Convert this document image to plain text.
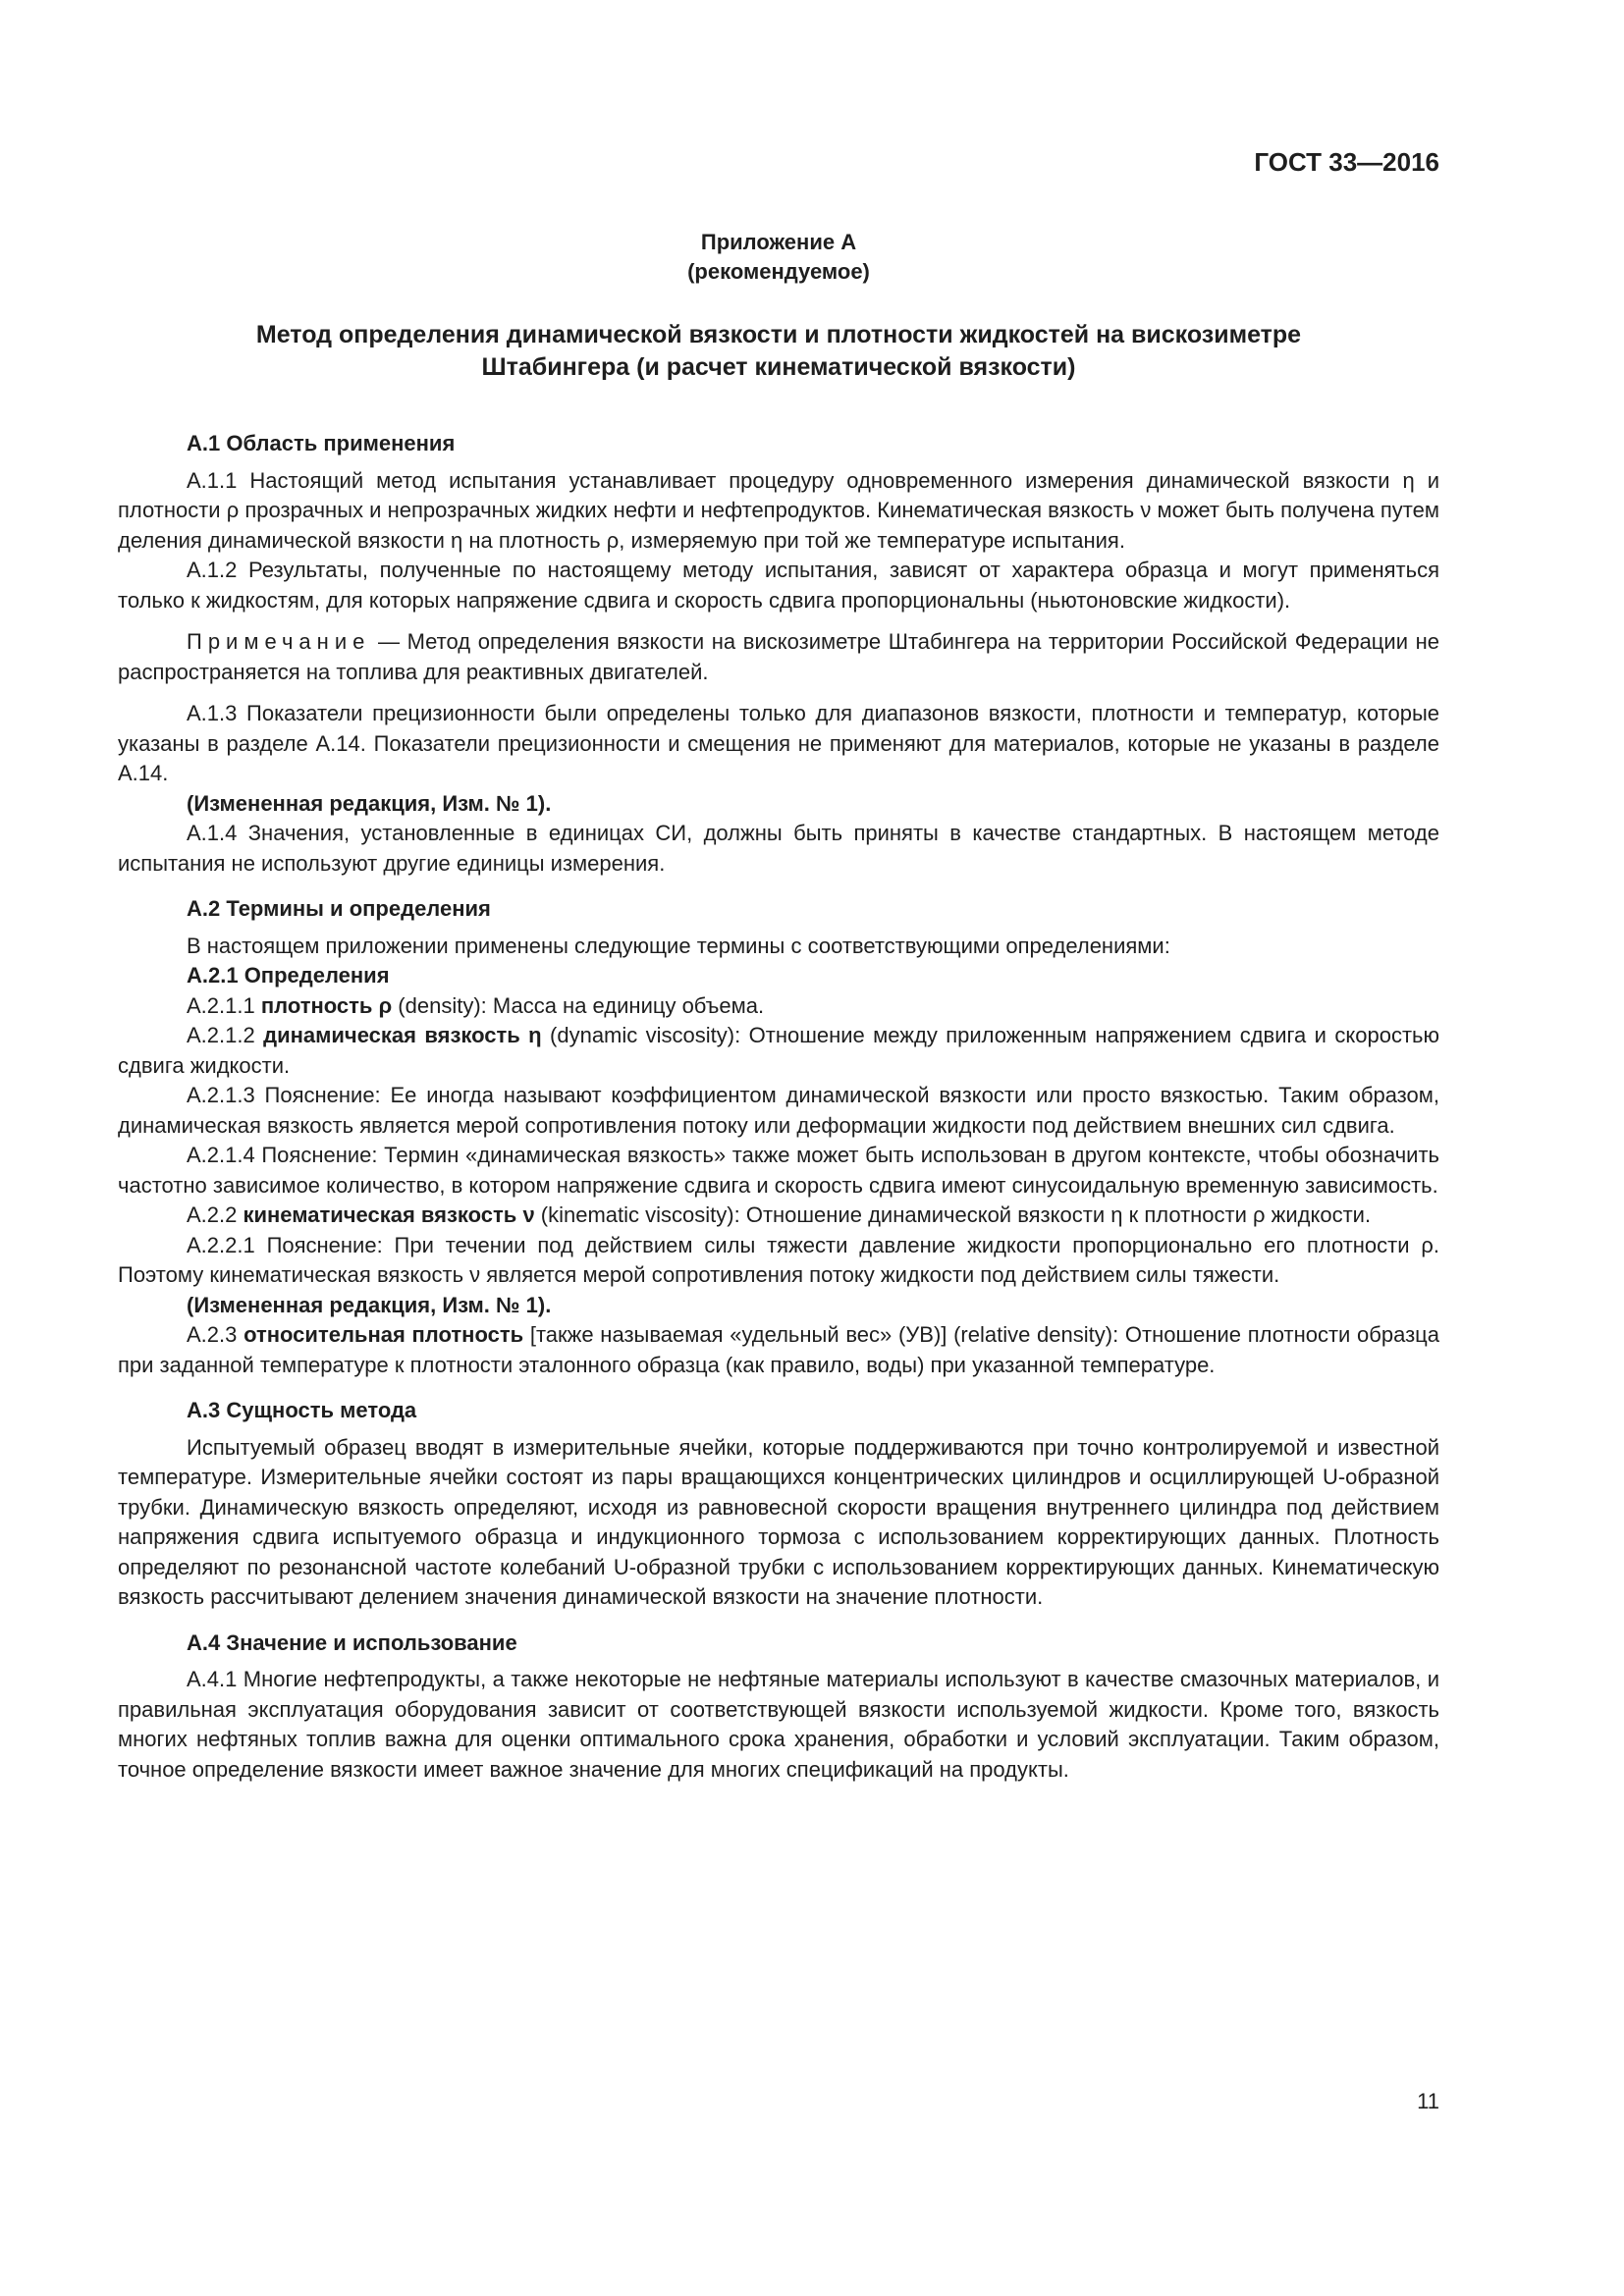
ГОСТ 33—2016
Приложение А
(рекомендуемое)
Метод определения динамической вязкости и плотности жидкостей на вискозиметре
Штабингера (и расчет кинематической вязкости)
А.1 Область применения

А.1.1 Настоящий метод испытания устанавливает процедуру одновременного измерения динамической вязкости η и плотности ρ прозрачных и непрозрачных жидких нефти и нефтепродуктов. Кинематическая вязкость ν может быть получена путем деления динамической вязкости η на плотность ρ, измеряемую при той же температуре испытания.

А.1.2 Результаты, полученные по настоящему методу испытания, зависят от характера образца и могут применяться только к жидкостям, для которых напряжение сдвига и скорость сдвига пропорциональны (ньютоновские жидкости).

Примечание — Метод определения вязкости на вискозиметре Штабингера на территории Российской Федерации не распространяется на топлива для реактивных двигателей.

А.1.3 Показатели прецизионности были определены только для диапазонов вязкости, плотности и температур, которые указаны в разделе А.14. Показатели прецизионности и смещения не применяют для материалов, которые не указаны в разделе А.14.

(Измененная редакция, Изм. № 1).

А.1.4 Значения, установленные в единицах СИ, должны быть приняты в качестве стандартных. В настоящем методе испытания не используют другие единицы измерения.

А.2 Термины и определения

В настоящем приложении применены следующие термины с соответствующими определениями:

А.2.1 Определения

А.2.1.1 плотность ρ (density): Масса на единицу объема.

А.2.1.2 динамическая вязкость η (dynamic viscosity): Отношение между приложенным напряжением сдвига и скоростью сдвига жидкости.

А.2.1.3 Пояснение: Ее иногда называют коэффициентом динамической вязкости или просто вязкостью. Таким образом, динамическая вязкость является мерой сопротивления потоку или деформации жидкости под действием внешних сил сдвига.

А.2.1.4 Пояснение: Термин «динамическая вязкость» также может быть использован в другом контексте, чтобы обозначить частотно зависимое количество, в котором напряжение сдвига и скорость сдвига имеют синусоидальную временную зависимость.

А.2.2 кинематическая вязкость ν (kinematic viscosity): Отношение динамической вязкости η к плотности ρ жидкости.

А.2.2.1 Пояснение: При течении под действием силы тяжести давление жидкости пропорционально его плотности ρ. Поэтому кинематическая вязкость ν является мерой сопротивления потоку жидкости под действием силы тяжести.

(Измененная редакция, Изм. № 1).

А.2.3 относительная плотность [также называемая «удельный вес» (УВ)] (relative density): Отношение плотности образца при заданной температуре к плотности эталонного образца (как правило, воды) при указанной температуре.

А.3 Сущность метода

Испытуемый образец вводят в измерительные ячейки, которые поддерживаются при точно контролируемой и известной температуре. Измерительные ячейки состоят из пары вращающихся концентрических цилиндров и осциллирующей U-образной трубки. Динамическую вязкость определяют, исходя из равновесной скорости вращения внутреннего цилиндра под действием напряжения сдвига испытуемого образца и индукционного тормоза с использованием корректирующих данных. Плотность определяют по резонансной частоте колебаний U-образной трубки с использованием корректирующих данных. Кинематическую вязкость рассчитывают делением значения динамической вязкости на значение плотности.

А.4 Значение и использование

А.4.1 Многие нефтепродукты, а также некоторые не нефтяные материалы используют в качестве смазочных материалов, и правильная эксплуатация оборудования зависит от соответствующей вязкости используемой жидкости. Кроме того, вязкость многих нефтяных топлив важна для оценки оптимального срока хранения, обработки и условий эксплуатации. Таким образом, точное определение вязкости имеет важное значение для многих спецификаций на продукты.

11
